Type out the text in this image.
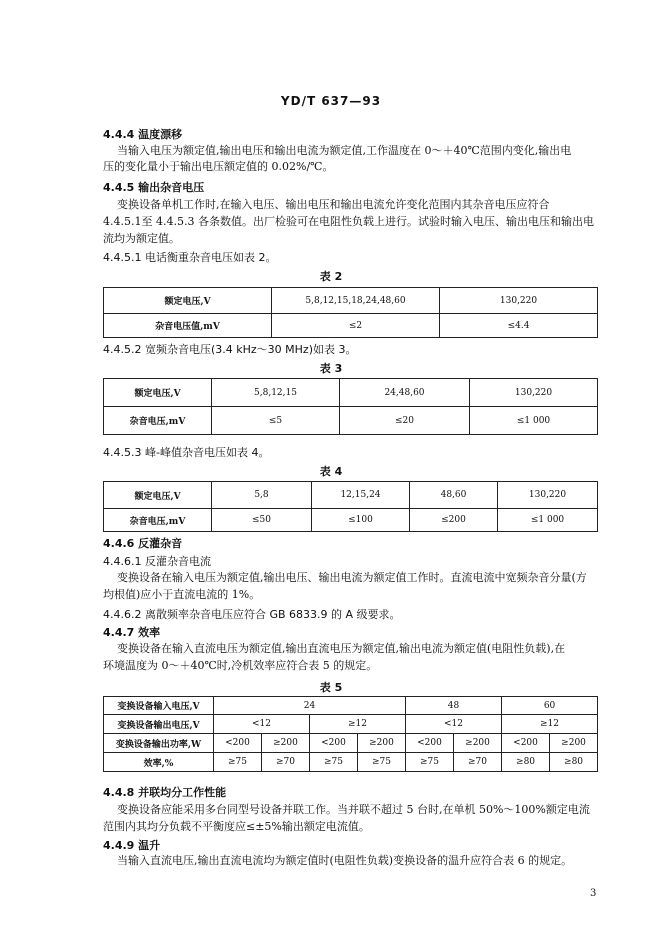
YD/T 637—93
4.4.4 温度漂移
当输入电压为额定值,输出电压和输出电流为额定值,工作温度在 0～＋40℃范围内变化,输出电
压的变化量小于输出电压额定值的 0.02%/℃。
4.4.5 输出杂音电压
变换设备单机工作时,在输入电压、输出电压和输出电流允许变化范围内其杂音电压应符合
4.4.5.1至 4.4.5.3 各条数值。出厂检验可在电阻性负载上进行。试验时输入电压、输出电压和输出电
流均为额定值。
4.4.5.1 电话衡重杂音电压如表 2。
表 2
额定电压,V	5,8,12,15,18,24,48,60	130,220
杂音电压值,mV	≤2	≤4.4
4.4.5.2 宽频杂音电压(3.4 kHz～30 MHz)如表 3。
表 3
额定电压,V	5,8,12,15	24,48,60	130,220
杂音电压,mV	≤5	≤20	≤1 000
4.4.5.3 峰-峰值杂音电压如表 4。
表 4
额定电压,V	5,8	12,15,24	48,60	130,220
杂音电压,mV	≤50	≤100	≤200	≤1 000
4.4.6 反灌杂音
4.4.6.1 反灌杂音电流
变换设备在输入电压为额定值,输出电压、输出电流为额定值工作时。直流电流中宽频杂音分量(方
均根值)应小于直流电流的 1%。
4.4.6.2 离散频率杂音电压应符合 GB 6833.9 的 A 级要求。
4.4.7 效率
变换设备在输入直流电压为额定值,输出直流电压为额定值,输出电流为额定值(电阻性负载),在
环境温度为 0～＋40℃时,冷机效率应符合表 5 的规定。
表 5
变换设备输入电压,V	24				48		60	
变换设备输出电压,V	<12		≥12		<12		≥12	
变换设备输出功率,W	<200	≥200	<200	≥200	<200	≥200	<200	≥200
效率,%	≥75	≥70	≥75	≥75	≥75	≥70	≥80	≥80
4.4.8 并联均分工作性能
变换设备应能采用多台同型号设备并联工作。当并联不超过 5 台时,在单机 50%～100%额定电流
范围内其均分负载不平衡度应≤±5%输出额定电流值。
4.4.9 温升
当输入直流电压,输出直流电流均为额定值时(电阻性负载)变换设备的温升应符合表 6 的规定。
3
